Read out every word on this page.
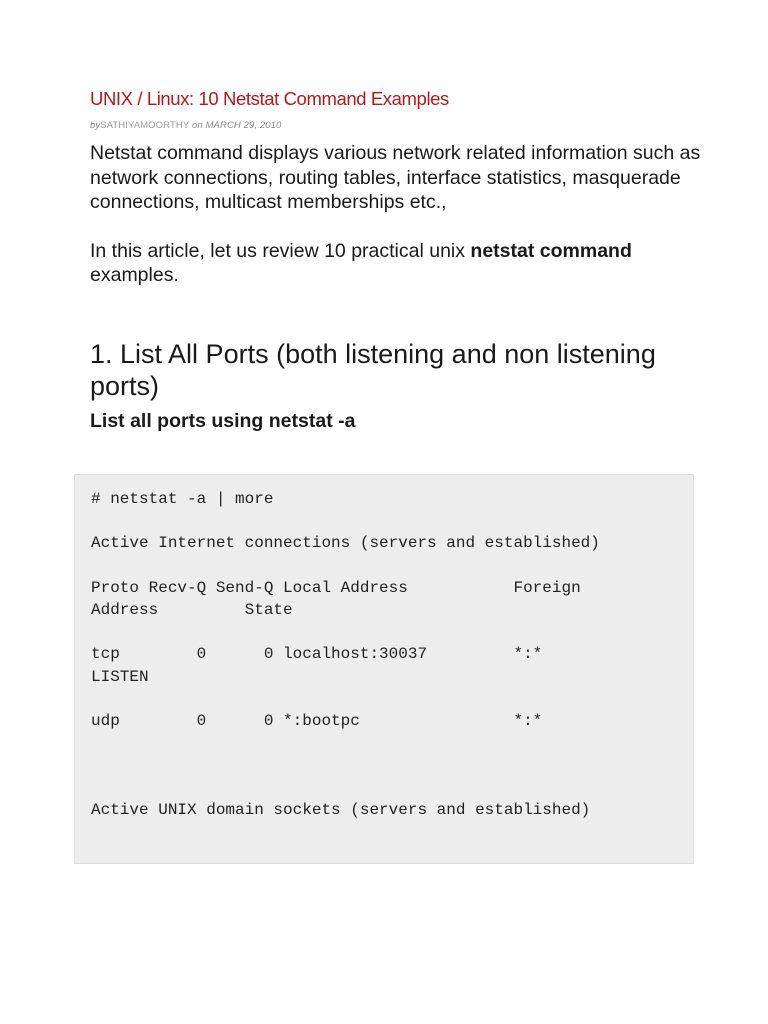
UNIX / Linux: 10 Netstat Command Examples
bySATHIYAMOORTHY on MARCH 29, 2010

Netstat command displays various network related information such as network connections, routing tables, interface statistics, masquerade connections, multicast memberships etc.,

In this article, let us review 10 practical unix netstat command examples.

1. List All Ports (both listening and non listening ports)
List all ports using netstat -a
# netstat -a | more

Active Internet connections (servers and established)

Proto Recv-Q Send-Q Local Address           Foreign
Address         State

tcp        0      0 localhost:30037         *:*
LISTEN

udp        0      0 *:bootpc                *:*

Active UNIX domain sockets (servers and established)
